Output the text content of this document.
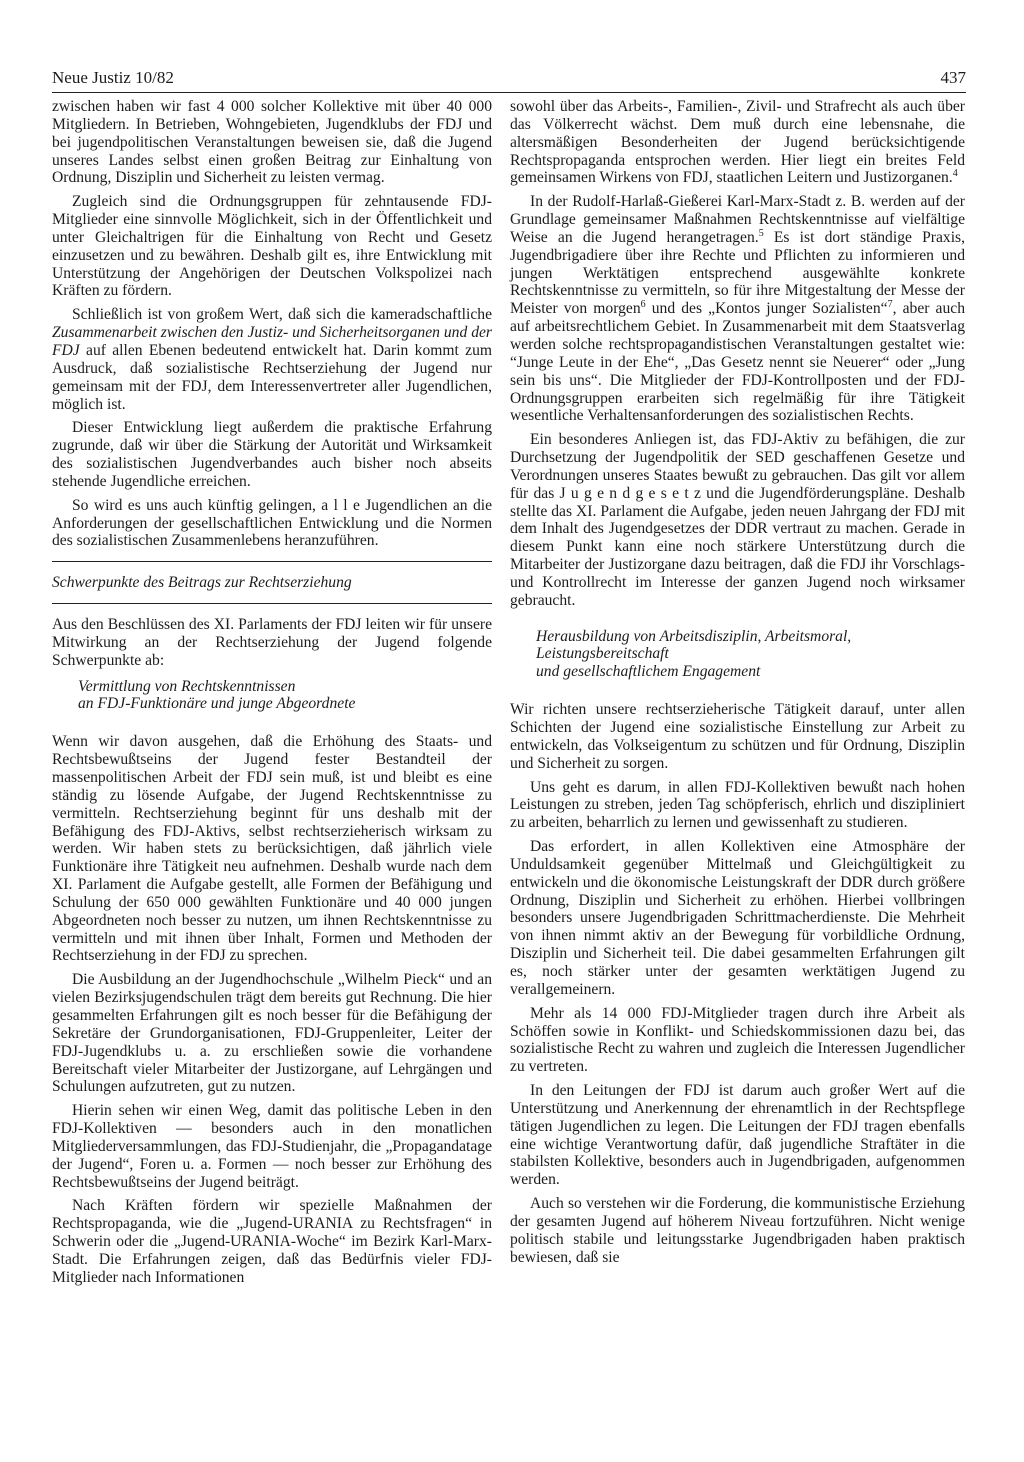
Neue Justiz 10/82	437

zwischen haben wir fast 4 000 solcher Kollektive mit über 40 000 Mitgliedern. In Betrieben, Wohngebieten, Jugendklubs der FDJ und bei jugendpolitischen Veranstaltungen beweisen sie, daß die Jugend unseres Landes selbst einen großen Beitrag zur Einhaltung von Ordnung, Disziplin und Sicherheit zu leisten vermag.

Zugleich sind die Ordnungsgruppen für zehntausende FDJ-Mitglieder eine sinnvolle Möglichkeit, sich in der Öffentlichkeit und unter Gleichaltrigen für die Einhaltung von Recht und Gesetz einzusetzen und zu bewähren. Deshalb gilt es, ihre Entwicklung mit Unterstützung der Angehörigen der Deutschen Volkspolizei nach Kräften zu fördern.

Schließlich ist von großem Wert, daß sich die kameradschaftliche Zusammenarbeit zwischen den Justiz- und Sicherheitsorganen und der FDJ auf allen Ebenen bedeutend entwickelt hat. Darin kommt zum Ausdruck, daß sozialistische Rechtserziehung der Jugend nur gemeinsam mit der FDJ, dem Interessenvertreter aller Jugendlichen, möglich ist.

Dieser Entwicklung liegt außerdem die praktische Erfahrung zugrunde, daß wir über die Stärkung der Autorität und Wirksamkeit des sozialistischen Jugendverbandes auch bisher noch abseits stehende Jugendliche erreichen.

So wird es uns auch künftig gelingen, a l l e Jugendlichen an die Anforderungen der gesellschaftlichen Entwicklung und die Normen des sozialistischen Zusammenlebens heranzuführen.

Schwerpunkte des Beitrags zur Rechtserziehung

Aus den Beschlüssen des XI. Parlaments der FDJ leiten wir für unsere Mitwirkung an der Rechtserziehung der Jugend folgende Schwerpunkte ab:

Vermittlung von Rechtskenntnissen
an FDJ-Funktionäre und junge Abgeordnete

Wenn wir davon ausgehen, daß die Erhöhung des Staats- und Rechtsbewußtseins der Jugend fester Bestandteil der massenpolitischen Arbeit der FDJ sein muß, ist und bleibt es eine ständig zu lösende Aufgabe, der Jugend Rechtskenntnisse zu vermitteln. Rechtserziehung beginnt für uns deshalb mit der Befähigung des FDJ-Aktivs, selbst rechtserzieherisch wirksam zu werden. Wir haben stets zu berücksichtigen, daß jährlich viele Funktionäre ihre Tätigkeit neu aufnehmen. Deshalb wurde nach dem XI. Parlament die Aufgabe gestellt, alle Formen der Befähigung und Schulung der 650 000 gewählten Funktionäre und 40 000 jungen Abgeordneten noch besser zu nutzen, um ihnen Rechtskenntnisse zu vermitteln und mit ihnen über Inhalt, Formen und Methoden der Rechtserziehung in der FDJ zu sprechen.

Die Ausbildung an der Jugendhochschule „Wilhelm Pieck“ und an vielen Bezirksjugendschulen trägt dem bereits gut Rechnung. Die hier gesammelten Erfahrungen gilt es noch besser für die Befähigung der Sekretäre der Grundorganisationen, FDJ-Gruppenleiter, Leiter der FDJ-Jugendklubs u. a. zu erschließen sowie die vorhandene Bereitschaft vieler Mitarbeiter der Justizorgane, auf Lehrgängen und Schulungen aufzutreten, gut zu nutzen.

Hierin sehen wir einen Weg, damit das politische Leben in den FDJ-Kollektiven — besonders auch in den monatlichen Mitgliederversammlungen, das FDJ-Studienjahr, die „Propagandatage der Jugend“, Foren u. a. Formen — noch besser zur Erhöhung des Rechtsbewußtseins der Jugend beiträgt.

Nach Kräften fördern wir spezielle Maßnahmen der Rechtspropaganda, wie die „Jugend-URANIA zu Rechtsfragen“ in Schwerin oder die „Jugend-URANIA-Woche“ im Bezirk Karl-Marx-Stadt. Die Erfahrungen zeigen, daß das Bedürfnis vieler FDJ-Mitglieder nach Informationen

sowohl über das Arbeits-, Familien-, Zivil- und Strafrecht als auch über das Völkerrecht wächst. Dem muß durch eine lebensnahe, die altersmäßigen Besonderheiten der Jugend berücksichtigende Rechtspropaganda entsprochen werden. Hier liegt ein breites Feld gemeinsamen Wirkens von FDJ, staatlichen Leitern und Justizorganen.$^4$

In der Rudolf-Harlaß-Gießerei Karl-Marx-Stadt z. B. werden auf der Grundlage gemeinsamer Maßnahmen Rechtskenntnisse auf vielfältige Weise an die Jugend herangetragen.$^5$ Es ist dort ständige Praxis, Jugendbrigadiere über ihre Rechte und Pflichten zu informieren und jungen Werktätigen entsprechend ausgewählte konkrete Rechtskenntnisse zu vermitteln, so für ihre Mitgestaltung der Messe der Meister von morgen$^6$ und des „Kontos junger Sozialisten“$^7$, aber auch auf arbeitsrechtlichem Gebiet. In Zusammenarbeit mit dem Staatsverlag werden solche rechtspropagandistischen Veranstaltungen gestaltet wie: “Junge Leute in der Ehe“, „Das Gesetz nennt sie Neuerer“ oder „Jung sein bis uns“. Die Mitglieder der FDJ-Kontrollposten und der FDJ-Ordnungsgruppen erarbeiten sich regelmäßig für ihre Tätigkeit wesentliche Verhaltensanforderungen des sozialistischen Rechts.

Ein besonderes Anliegen ist, das FDJ-Aktiv zu befähigen, die zur Durchsetzung der Jugendpolitik der SED geschaffenen Gesetze und Verordnungen unseres Staates bewußt zu gebrauchen. Das gilt vor allem für das J u g e n d g e s e t z und die Jugendförderungspläne. Deshalb stellte das XI. Parlament die Aufgabe, jeden neuen Jahrgang der FDJ mit dem Inhalt des Jugendgesetzes der DDR vertraut zu machen. Gerade in diesem Punkt kann eine noch stärkere Unterstützung durch die Mitarbeiter der Justizorgane dazu beitragen, daß die FDJ ihr Vorschlags- und Kontrollrecht im Interesse der ganzen Jugend noch wirksamer gebraucht.

Herausbildung von Arbeitsdisziplin, Arbeitsmoral,
Leistungsbereitschaft
und gesellschaftlichem Engagement

Wir richten unsere rechtserzieherische Tätigkeit darauf, unter allen Schichten der Jugend eine sozialistische Einstellung zur Arbeit zu entwickeln, das Volkseigentum zu schützen und für Ordnung, Disziplin und Sicherheit zu sorgen.

Uns geht es darum, in allen FDJ-Kollektiven bewußt nach hohen Leistungen zu streben, jeden Tag schöpferisch, ehrlich und diszipliniert zu arbeiten, beharrlich zu lernen und gewissenhaft zu studieren.

Das erfordert, in allen Kollektiven eine Atmosphäre der Unduldsamkeit gegenüber Mittelmaß und Gleichgültigkeit zu entwickeln und die ökonomische Leistungskraft der DDR durch größere Ordnung, Disziplin und Sicherheit zu erhöhen. Hierbei vollbringen besonders unsere Jugendbrigaden Schrittmacherdienste. Die Mehrheit von ihnen nimmt aktiv an der Bewegung für vorbildliche Ordnung, Disziplin und Sicherheit teil. Die dabei gesammelten Erfahrungen gilt es, noch stärker unter der gesamten werktätigen Jugend zu verallgemeinern.

Mehr als 14 000 FDJ-Mitglieder tragen durch ihre Arbeit als Schöffen sowie in Konflikt- und Schiedskommissionen dazu bei, das sozialistische Recht zu wahren und zugleich die Interessen Jugendlicher zu vertreten.

In den Leitungen der FDJ ist darum auch großer Wert auf die Unterstützung und Anerkennung der ehrenamtlich in der Rechtspflege tätigen Jugendlichen zu legen. Die Leitungen der FDJ tragen ebenfalls eine wichtige Verantwortung dafür, daß jugendliche Straftäter in die stabilsten Kollektive, besonders auch in Jugendbrigaden, aufgenommen werden.

Auch so verstehen wir die Forderung, die kommunistische Erziehung der gesamten Jugend auf höherem Niveau fortzuführen. Nicht wenige politisch stabile und leitungsstarke Jugendbrigaden haben praktisch bewiesen, daß sie
